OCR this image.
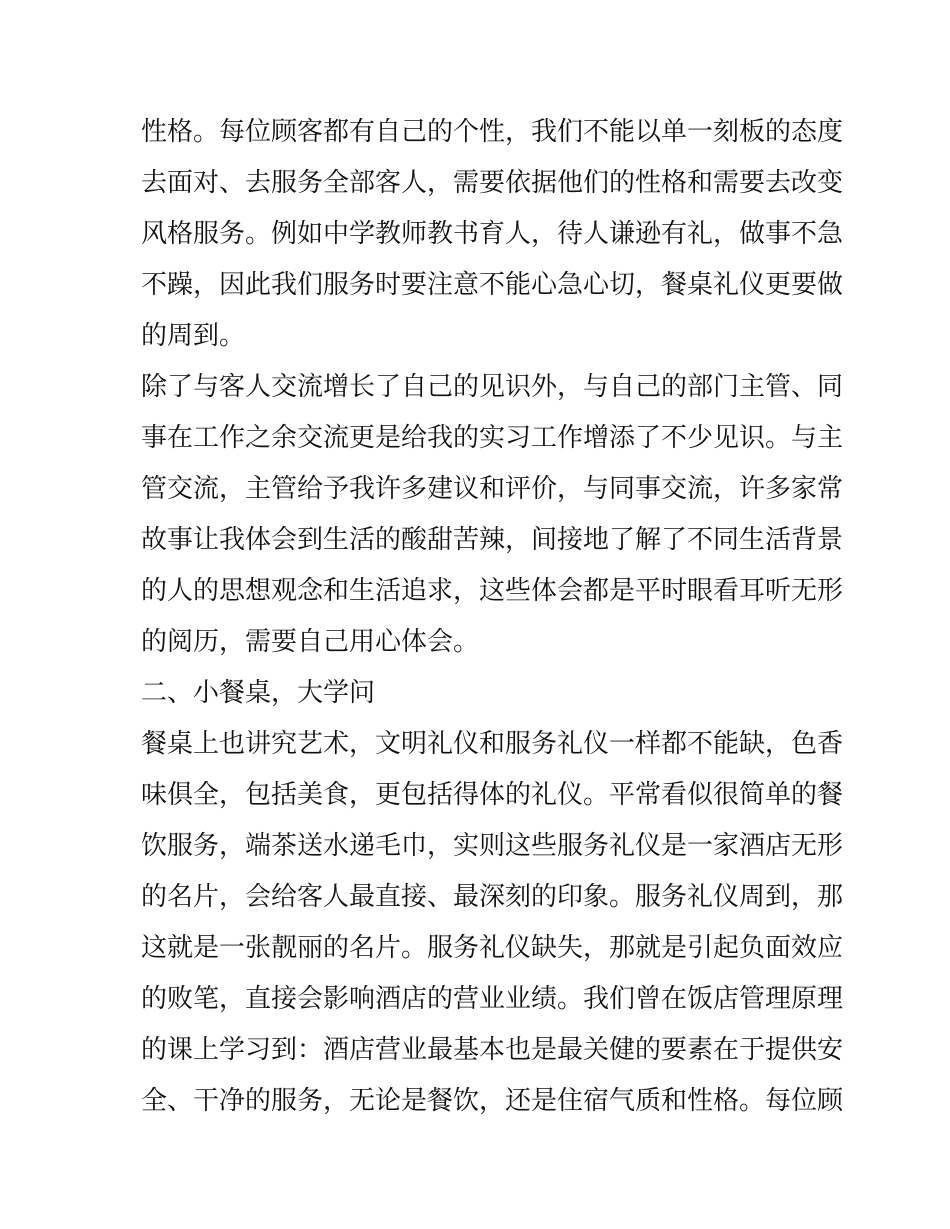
性格。每位顾客都有自己的个性，我们不能以单一刻板的态度
去面对、去服务全部客人，需要依据他们的性格和需要去改变
风格服务。例如中学教师教书育人，待人谦逊有礼，做事不急
不躁，因此我们服务时要注意不能心急心切，餐桌礼仪更要做
的周到。
除了与客人交流增长了自己的见识外，与自己的部门主管、同
事在工作之余交流更是给我的实习工作增添了不少见识。与主
管交流，主管给予我许多建议和评价，与同事交流，许多家常
故事让我体会到生活的酸甜苦辣，间接地了解了不同生活背景
的人的思想观念和生活追求，这些体会都是平时眼看耳听无形
的阅历，需要自己用心体会。
二、小餐桌，大学问
餐桌上也讲究艺术，文明礼仪和服务礼仪一样都不能缺，色香
味俱全，包括美食，更包括得体的礼仪。平常看似很简单的餐
饮服务，端茶送水递毛巾，实则这些服务礼仪是一家酒店无形
的名片，会给客人最直接、最深刻的印象。服务礼仪周到，那
这就是一张靓丽的名片。服务礼仪缺失，那就是引起负面效应
的败笔，直接会影响酒店的营业业绩。我们曾在饭店管理原理
的课上学习到：酒店营业最基本也是最关健的要素在于提供安
全、干净的服务，无论是餐饮，还是住宿气质和性格。每位顾
